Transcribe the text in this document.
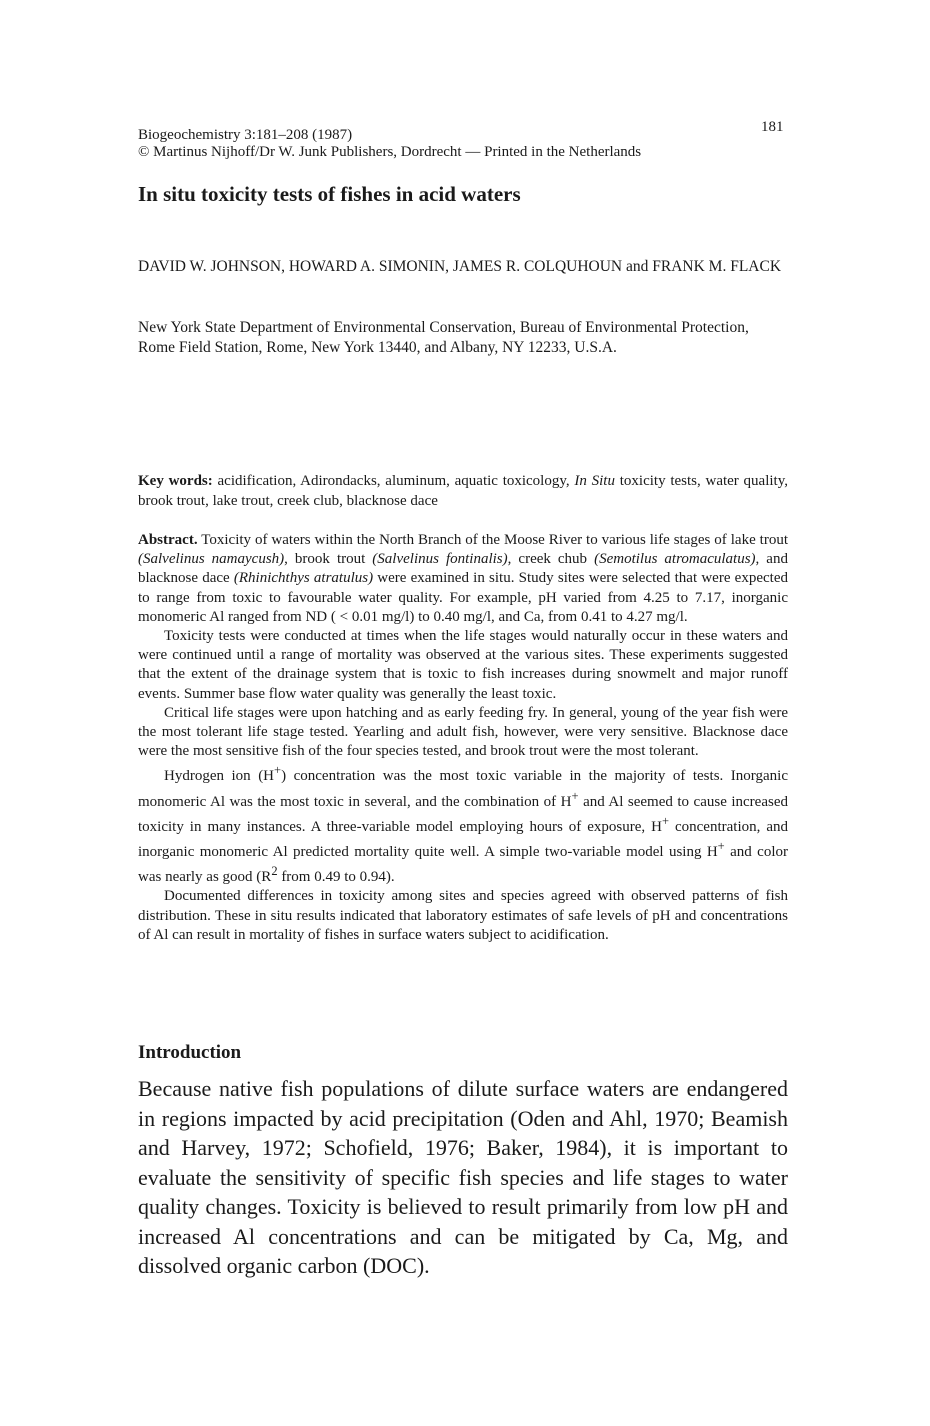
181
Biogeochemistry 3:181–208 (1987)
© Martinus Nijhoff/Dr W. Junk Publishers, Dordrecht — Printed in the Netherlands
In situ toxicity tests of fishes in acid waters

DAVID W. JOHNSON, HOWARD A. SIMONIN, JAMES R. COLQUHOUN and FRANK M. FLACK

New York State Department of Environmental Conservation, Bureau of Environmental Protection, Rome Field Station, Rome, New York 13440, and Albany, NY 12233, U.S.A.

Key words: acidification, Adirondacks, aluminum, aquatic toxicology, In Situ toxicity tests, water quality, brook trout, lake trout, creek club, blacknose dace

Abstract. Toxicity of waters within the North Branch of the Moose River to various life stages of lake trout (Salvelinus namaycush), brook trout (Salvelinus fontinalis), creek chub (Semotilus atromaculatus), and blacknose dace (Rhinichthys atratulus) were examined in situ. Study sites were selected that were expected to range from toxic to favourable water quality. For example, pH varied from 4.25 to 7.17, inorganic monomeric Al ranged from ND ( < 0.01 mg/l) to 0.40 mg/l, and Ca, from 0.41 to 4.27 mg/l.

Toxicity tests were conducted at times when the life stages would naturally occur in these waters and were continued until a range of mortality was observed at the various sites. These experiments suggested that the extent of the drainage system that is toxic to fish increases during snowmelt and major runoff events. Summer base flow water quality was generally the least toxic.

Critical life stages were upon hatching and as early feeding fry. In general, young of the year fish were the most tolerant life stage tested. Yearling and adult fish, however, were very sensitive. Blacknose dace were the most sensitive fish of the four species tested, and brook trout were the most tolerant.

Hydrogen ion (H+) concentration was the most toxic variable in the majority of tests. Inorganic monomeric Al was the most toxic in several, and the combination of H+ and Al seemed to cause increased toxicity in many instances. A three-variable model employing hours of exposure, H+ concentration, and inorganic monomeric Al predicted mortality quite well. A simple two-variable model using H+ and color was nearly as good ($R^2$ from 0.49 to 0.94).

Documented differences in toxicity among sites and species agreed with observed patterns of fish distribution. These in situ results indicated that laboratory estimates of safe levels of pH and concentrations of Al can result in mortality of fishes in surface waters subject to acidification.

Introduction

Because native fish populations of dilute surface waters are endangered in regions impacted by acid precipitation (Oden and Ahl, 1970; Beamish and Harvey, 1972; Schofield, 1976; Baker, 1984), it is important to evaluate the sensitivity of specific fish species and life stages to water quality changes. Toxicity is believed to result primarily from low pH and increased Al concentrations and can be mitigated by Ca, Mg, and dissolved organic carbon (DOC).
